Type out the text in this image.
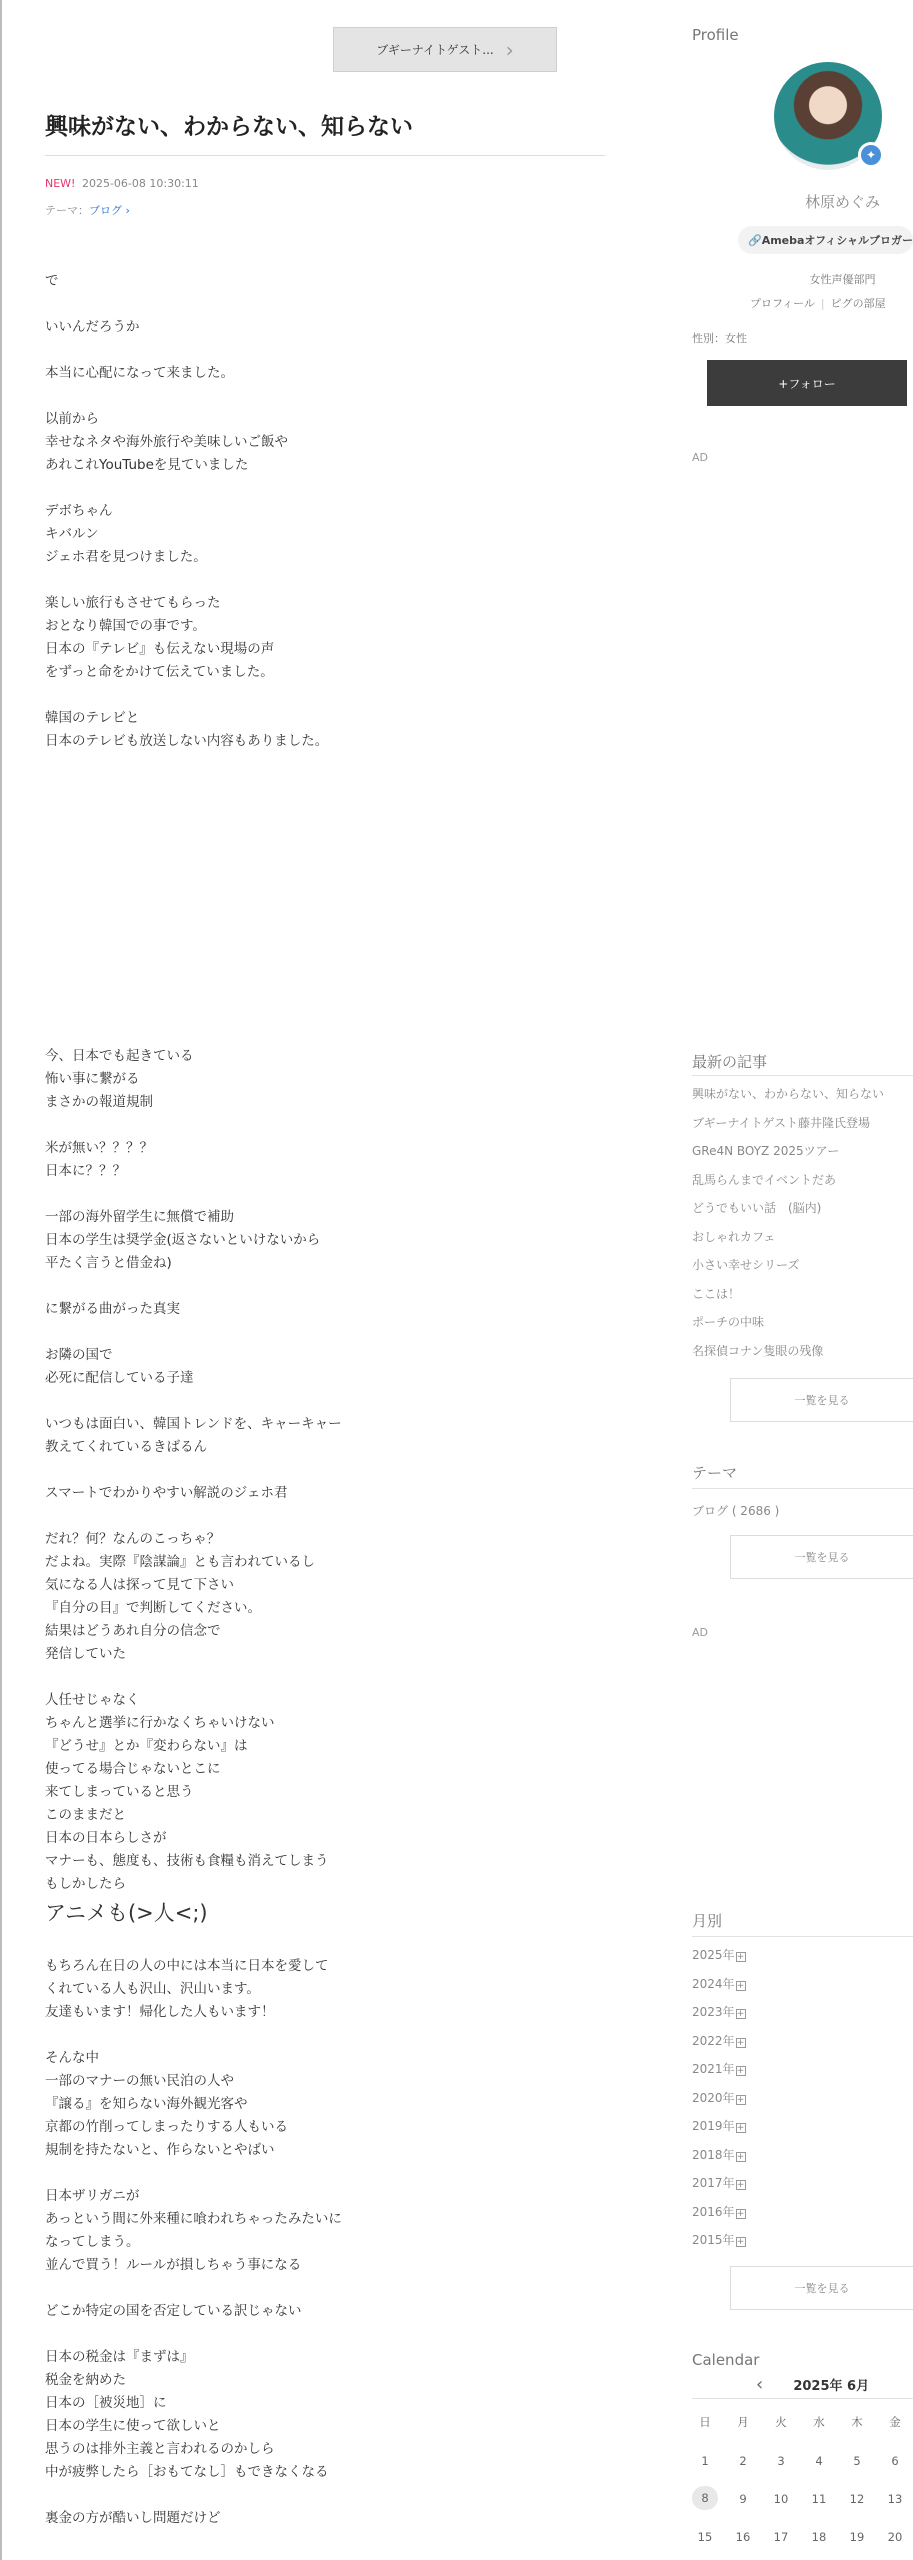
ブギーナイトゲスト... ›
興味がない、わからない、知らない
NEW! 2025-06-08 10:30:11
テーマ：ブログ ›
で
いいんだろうか
本当に心配になって来ました。
以前から
幸せなネタや海外旅行や美味しいご飯や
あれこれYouTubeを見ていました
デボちゃん
キバルン
ジェホ君を見つけました。
楽しい旅行もさせてもらった
おとなり韓国での事です。
日本の『テレビ』も伝えない現場の声
をずっと命をかけて伝えていました。
韓国のテレビと
日本のテレビも放送しない内容もありました。
今、日本でも起きている
怖い事に繋がる
まさかの報道規制
米が無い？？？？
日本に？？？
一部の海外留学生に無償で補助
日本の学生は奨学金(返さないといけないから
平たく言うと借金ね)
に繋がる曲がった真実
お隣の国で
必死に配信している子達
いつもは面白い、韓国トレンドを、キャーキャー
教えてくれているきばるん
スマートでわかりやすい解説のジェホ君
だれ？何？なんのこっちゃ？
だよね。実際『陰謀論』とも言われているし
気になる人は探って見て下さい
『自分の目』で判断してください。
結果はどうあれ自分の信念で
発信していた
人任せじゃなく
ちゃんと選挙に行かなくちゃいけない
『どうせ』とか『変わらない』は
使ってる場合じゃないとこに
来てしまっていると思う
このままだと
日本の日本らしさが
マナーも、態度も、技術も食糧も消えてしまう
もしかしたら
アニメも(>人<;)
もちろん在日の人の中には本当に日本を愛して
くれている人も沢山、沢山います。
友達もいます！帰化した人もいます！
そんな中
一部のマナーの無い民泊の人や
『譲る』を知らない海外観光客や
京都の竹削ってしまったりする人もいる
規制を持たないと、作らないとやばい
日本ザリガニが
あっという間に外来種に喰われちゃったみたいに
なってしまう。
並んで買う！ルールが損しちゃう事になる
どこか特定の国を否定している訳じゃない
日本の税金は『まずは』
税金を納めた
日本の［被災地］に
日本の学生に使って欲しいと
思うのは排外主義と言われるのかしら
中が疲弊したら［おもてなし］もできなくなる
裏金の方が酷いし問題だけど
Profile
✦
林原めぐみ
🔗Amebaオフィシャルブロガー
女性声優部門
プロフィール | ピグの部屋
性別：女性
+フォロー
AD
最新の記事
興味がない、わからない、知らない
ブギーナイトゲスト藤井隆氏登場
GRe4N BOYZ 2025ツアー
乱馬らんまでイベントだあ
どうでもいい話　(脳内)
おしゃれカフェ
小さい幸せシリーズ
ここは！
ポーチの中味
名探偵コナン隻眼の残像
一覧を見る
テーマ
ブログ ( 2686 )
一覧を見る
AD
月別
2025年 +
2024年 +
2023年 +
2022年 +
2021年 +
2020年 +
2019年 +
2018年 +
2017年 +
2016年 +
2015年 +
一覧を見る
Calendar
‹ 2025年 6月
日	月	火	水	木	金
1	2	3	4	5	6
8	9	10	11	12	13
15	16	17	18	19	20
